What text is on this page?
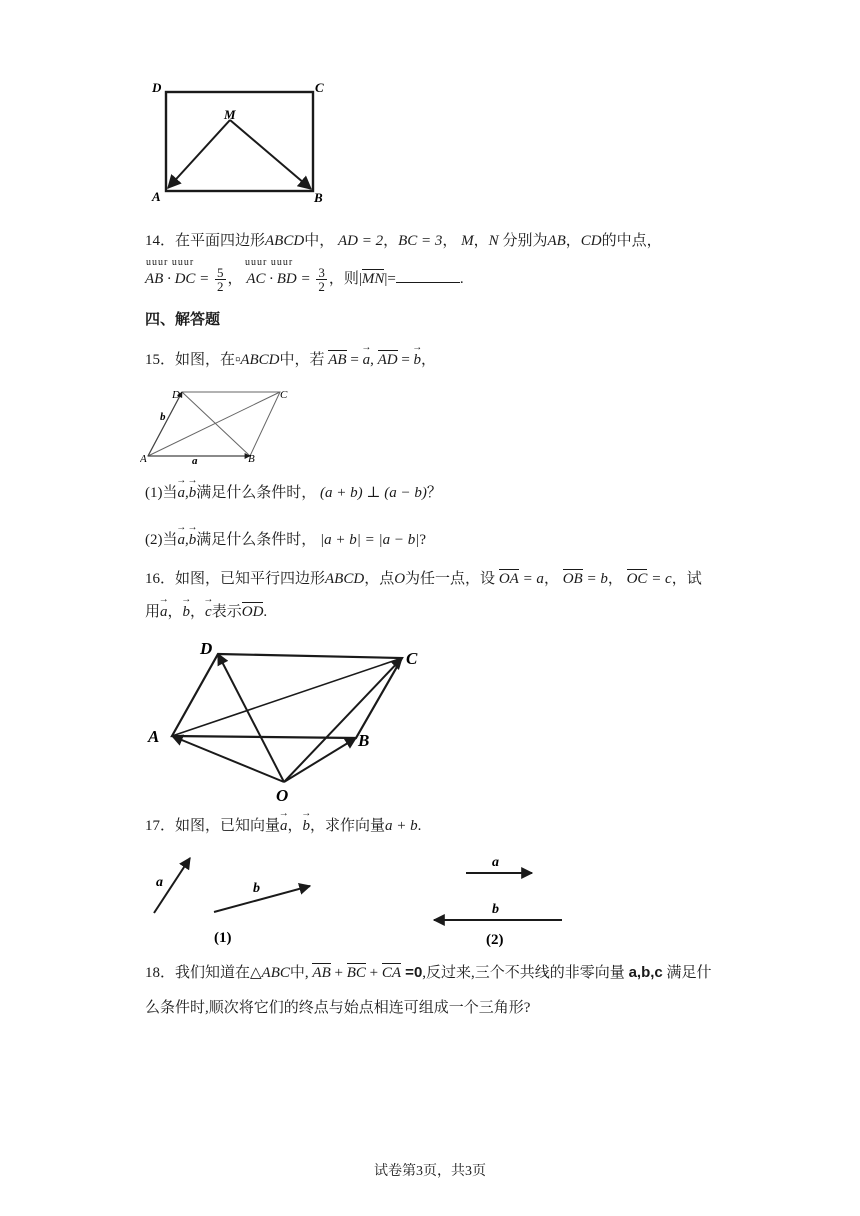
D	C
M
A	B
14．在平面四边形ABCD中， AD = 2，BC = 3， M，N 分别为AB，CD的中点，
uuur uuur	uuur uuur
AB · DC = $\frac{5}{2}$ ， AC · BD = $\frac{3}{2}$ ，则|MN|=	.
四、解答题
15．如图，在▫ABCD中，若 AB = a →, AD = b →，
D	C
b
A	a	B
(1)当a →,b →满足什么条件时， (a + b) ⊥ (a − b)？
(2)当a →,b →满足什么条件时， |a + b| = |a − b|?
16．如图，已知平行四边形ABCD，点O为任一点，设 OA = a， OB = b， OC = c，试
用a →，b →，c →表示OD.
D
C
A	B
O
17．如图，已知向量a →，b →，求作向量a + b.
a	b
(1)
a
b
(2)
18．我们知道在△ABC中, AB + BC + CA =0,反过来,三个不共线的非零向量 a,b,c 满足什
么条件时,顺次将它们的终点与始点相连可组成一个三角形?
试卷第3页，共3页
